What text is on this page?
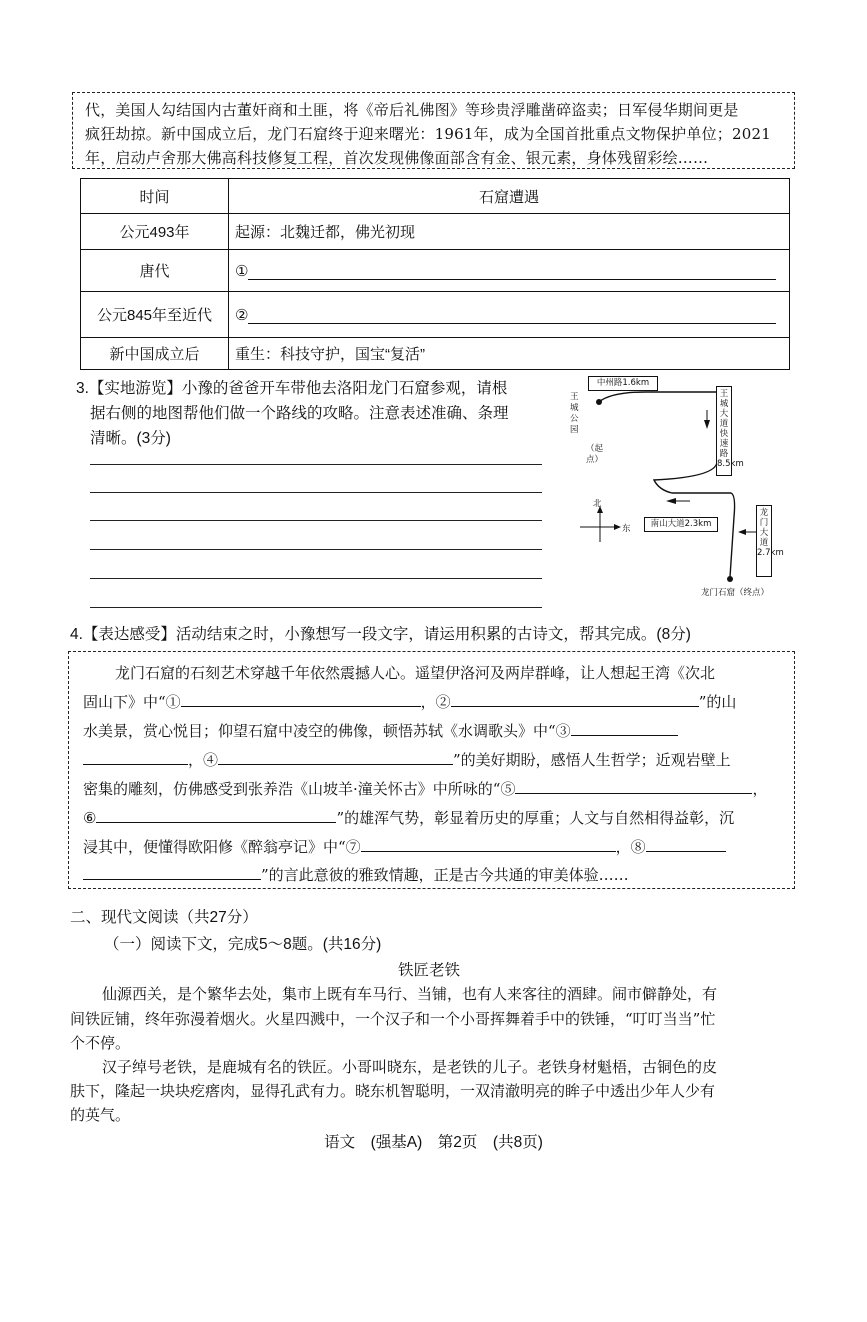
代，美国人勾结国内古董奸商和土匪，将《帝后礼佛图》等珍贵浮雕凿碎盗卖；日军侵华期间更是
疯狂劫掠。新中国成立后，龙门石窟终于迎来曙光：1961年，成为全国首批重点文物保护单位；2021
年，启动卢舍那大佛高科技修复工程，首次发现佛像面部含有金、银元素，身体残留彩绘……
时间	石窟遭遇
公元493年	起源：北魏迁都，佛光初现
唐代	①
公元845年至近代	②
新中国成立后	重生：科技守护，国宝“复活”
3.【实地游览】小豫的爸爸开车带他去洛阳龙门石窟参观，请根
据右侧的地图帮他们做一个路线的攻略。注意表述准确、条理
清晰。(3分)
中州路1.6km
王城公园
（起点）
王城大道快速路8.5km
北
东	南山大道2.3km
龙门大道2.7km
龙门石窟（终点）
4.【表达感受】活动结束之时，小豫想写一段文字，请运用积累的古诗文，帮其完成。(8分)
龙门石窟的石刻艺术穿越千年依然震撼人心。遥望伊洛河及两岸群峰，让人想起王湾《次北
固山下》中“①	，②	”的山
水美景，赏心悦目；仰望石窟中凌空的佛像，顿悟苏轼《水调歌头》中“③
，④	”的美好期盼，感悟人生哲学；近观岩壁上
密集的雕刻，仿佛感受到张养浩《山坡羊·潼关怀古》中所咏的“⑤	，
⑥	”的雄浑气势，彰显着历史的厚重；人文与自然相得益彰，沉
浸其中，便懂得欧阳修《醉翁亭记》中“⑦	，⑧
”的言此意彼的雅致情趣，正是古今共通的审美体验……
二、现代文阅读（共27分）
（一）阅读下文，完成5～8题。(共16分)
铁匠老铁
仙源西关，是个繁华去处，集市上既有车马行、当铺，也有人来客往的酒肆。闹市僻静处，有
间铁匠铺，终年弥漫着烟火。火星四溅中，一个汉子和一个小哥挥舞着手中的铁锤，“叮叮当当”忙
个不停。
汉子绰号老铁，是鹿城有名的铁匠。小哥叫晓东，是老铁的儿子。老铁身材魁梧，古铜色的皮
肤下，隆起一块块疙瘩肉，显得孔武有力。晓东机智聪明，一双清澈明亮的眸子中透出少年人少有
的英气。
语文　(强基A)　第2页　(共8页)
